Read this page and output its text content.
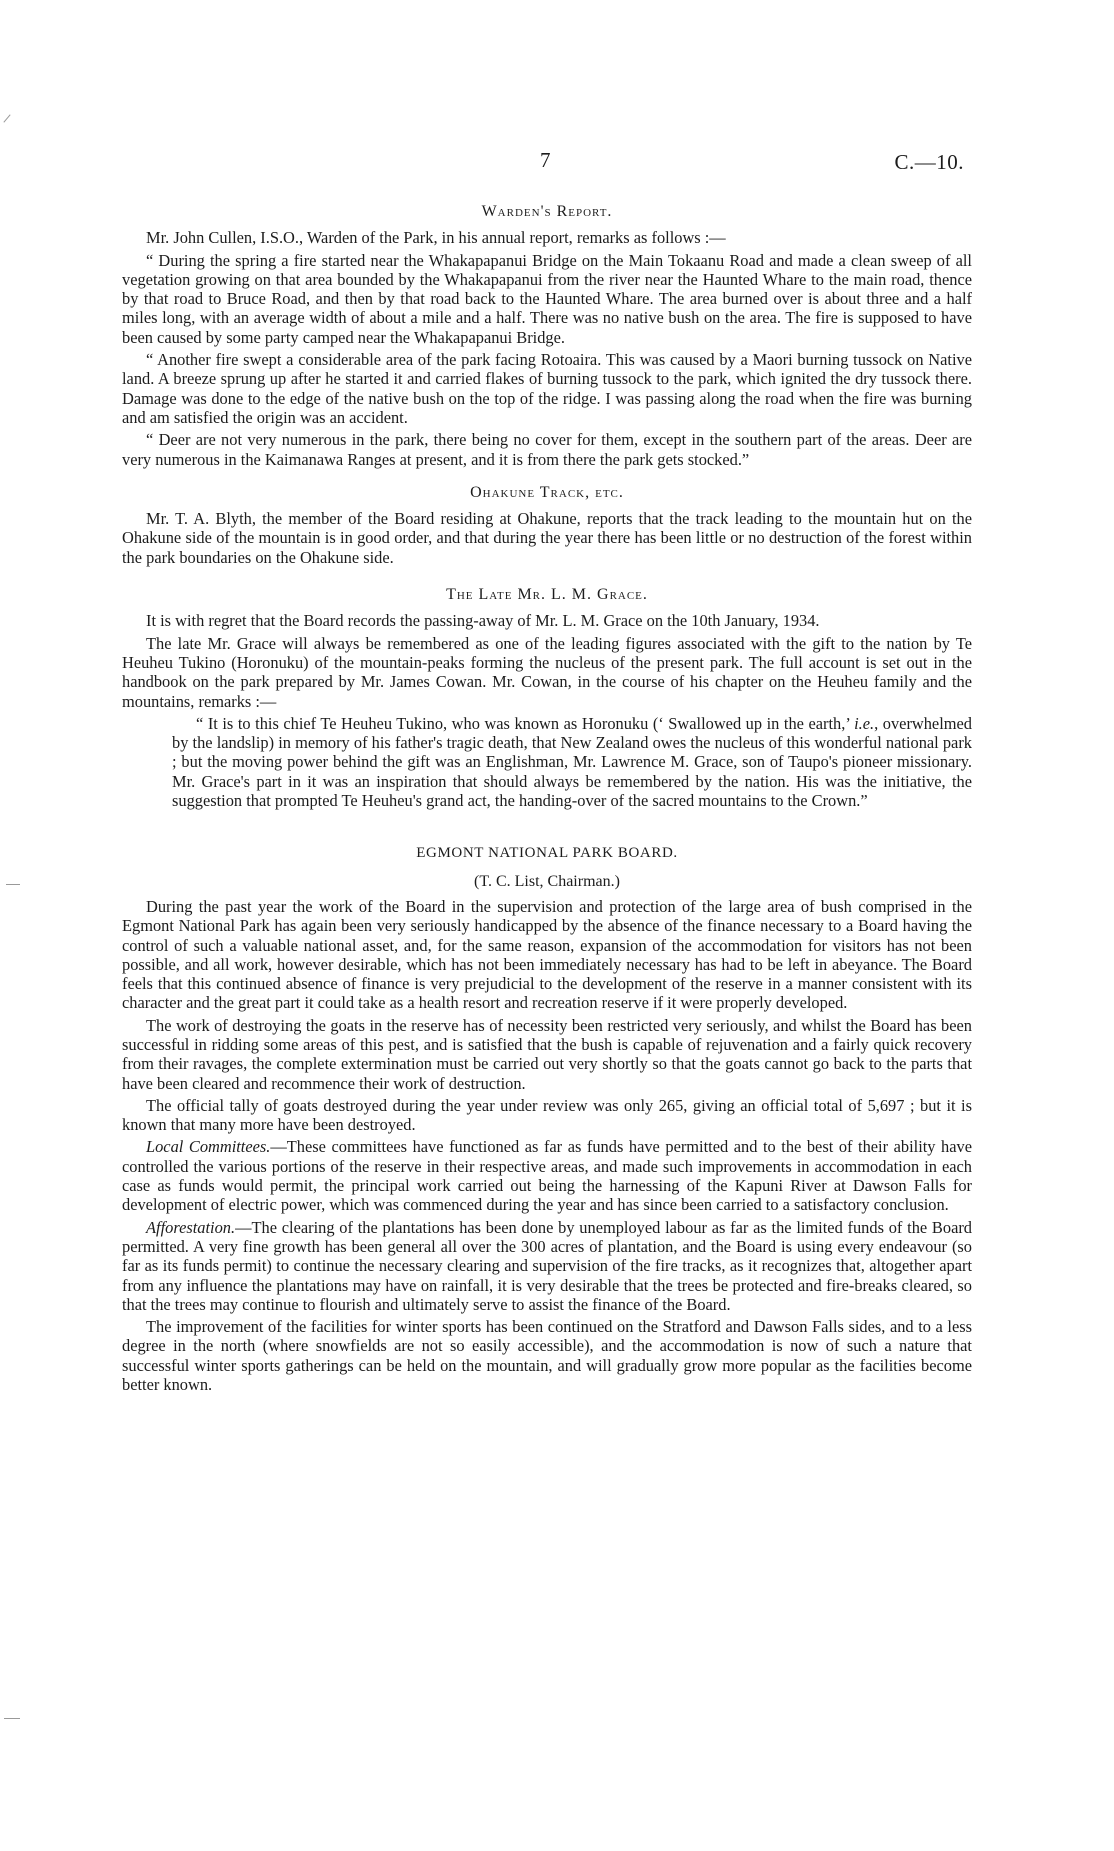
7	C.—10.
Warden's Report.

Mr. John Cullen, I.S.O., Warden of the Park, in his annual report, remarks as follows :—

“ During the spring a fire started near the Whakapapanui Bridge on the Main Tokaanu Road and made a clean sweep of all vegetation growing on that area bounded by the Whakapapanui from the river near the Haunted Whare to the main road, thence by that road to Bruce Road, and then by that road back to the Haunted Whare. The area burned over is about three and a half miles long, with an average width of about a mile and a half. There was no native bush on the area. The fire is supposed to have been caused by some party camped near the Whakapapanui Bridge.

“ Another fire swept a considerable area of the park facing Rotoaira. This was caused by a Maori burning tussock on Native land. A breeze sprung up after he started it and carried flakes of burning tussock to the park, which ignited the dry tussock there. Damage was done to the edge of the native bush on the top of the ridge. I was passing along the road when the fire was burning and am satisfied the origin was an accident.

“ Deer are not very numerous in the park, there being no cover for them, except in the southern part of the areas. Deer are very numerous in the Kaimanawa Ranges at present, and it is from there the park gets stocked.”

Ohakune Track, etc.

Mr. T. A. Blyth, the member of the Board residing at Ohakune, reports that the track leading to the mountain hut on the Ohakune side of the mountain is in good order, and that during the year there has been little or no destruction of the forest within the park boundaries on the Ohakune side.

The Late Mr. L. M. Grace.

It is with regret that the Board records the passing-away of Mr. L. M. Grace on the 10th January, 1934.

The late Mr. Grace will always be remembered as one of the leading figures associated with the gift to the nation by Te Heuheu Tukino (Horonuku) of the mountain-peaks forming the nucleus of the present park. The full account is set out in the handbook on the park prepared by Mr. James Cowan. Mr. Cowan, in the course of his chapter on the Heuheu family and the mountains, remarks :—

“ It is to this chief Te Heuheu Tukino, who was known as Horonuku (‘ Swallowed up in the earth,’ i.e., overwhelmed by the landslip) in memory of his father's tragic death, that New Zealand owes the nucleus of this wonderful national park ; but the moving power behind the gift was an Englishman, Mr. Lawrence M. Grace, son of Taupo's pioneer missionary. Mr. Grace's part in it was an inspiration that should always be remembered by the nation. His was the initiative, the suggestion that prompted Te Heuheu's grand act, the handing-over of the sacred mountains to the Crown.”

EGMONT NATIONAL PARK BOARD.
(T. C. List, Chairman.)

During the past year the work of the Board in the supervision and protection of the large area of bush comprised in the Egmont National Park has again been very seriously handicapped by the absence of the finance necessary to a Board having the control of such a valuable national asset, and, for the same reason, expansion of the accommodation for visitors has not been possible, and all work, however desirable, which has not been immediately necessary has had to be left in abeyance. The Board feels that this continued absence of finance is very prejudicial to the development of the reserve in a manner consistent with its character and the great part it could take as a health resort and recreation reserve if it were properly developed.

The work of destroying the goats in the reserve has of necessity been restricted very seriously, and whilst the Board has been successful in ridding some areas of this pest, and is satisfied that the bush is capable of rejuvenation and a fairly quick recovery from their ravages, the complete extermination must be carried out very shortly so that the goats cannot go back to the parts that have been cleared and recommence their work of destruction.

The official tally of goats destroyed during the year under review was only 265, giving an official total of 5,697 ; but it is known that many more have been destroyed.

Local Committees.—These committees have functioned as far as funds have permitted and to the best of their ability have controlled the various portions of the reserve in their respective areas, and made such improvements in accommodation in each case as funds would permit, the principal work carried out being the harnessing of the Kapuni River at Dawson Falls for development of electric power, which was commenced during the year and has since been carried to a satisfactory conclusion.

Afforestation.—The clearing of the plantations has been done by unemployed labour as far as the limited funds of the Board permitted. A very fine growth has been general all over the 300 acres of plantation, and the Board is using every endeavour (so far as its funds permit) to continue the necessary clearing and supervision of the fire tracks, as it recognizes that, altogether apart from any influence the plantations may have on rainfall, it is very desirable that the trees be protected and fire-breaks cleared, so that the trees may continue to flourish and ultimately serve to assist the finance of the Board.

The improvement of the facilities for winter sports has been continued on the Stratford and Dawson Falls sides, and to a less degree in the north (where snowfields are not so easily accessible), and the accommodation is now of such a nature that successful winter sports gatherings can be held on the mountain, and will gradually grow more popular as the facilities become better known.
